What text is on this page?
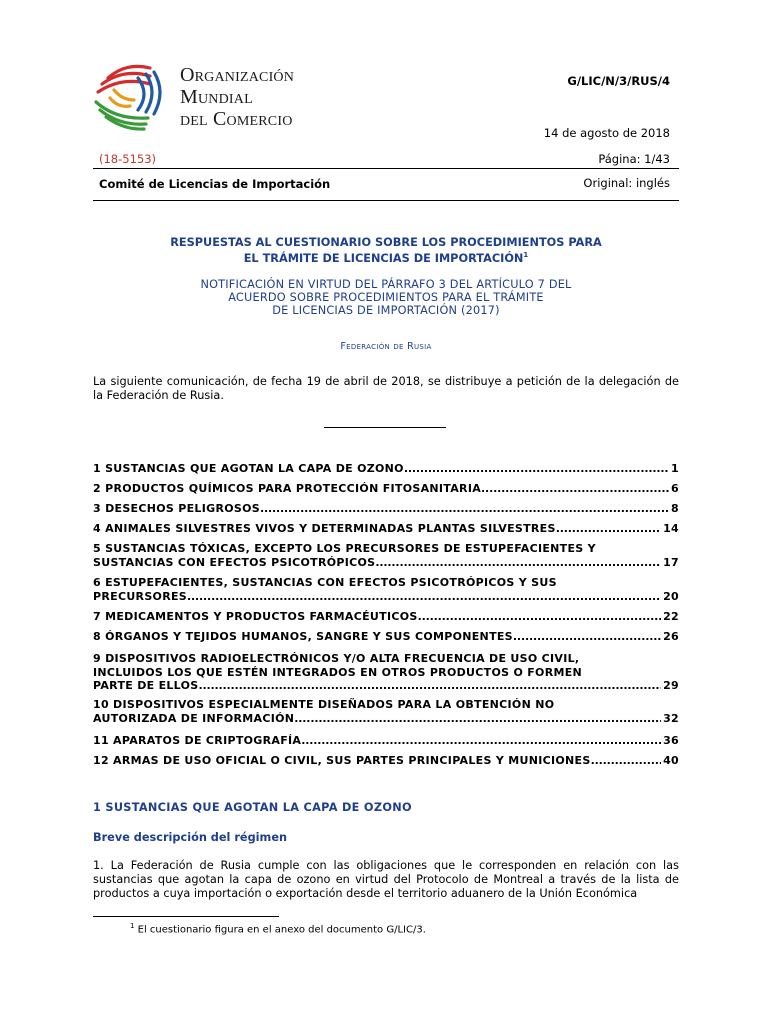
Organización
Mundial
del Comercio
G/LIC/N/3/RUS/4
14 de agosto de 2018
(18-5153)	Página: 1/43
Comité de Licencias de Importación	Original: inglés
RESPUESTAS AL CUESTIONARIO SOBRE LOS PROCEDIMIENTOS PARA
EL TRÁMITE DE LICENCIAS DE IMPORTACIÓN$^1$
NOTIFICACIÓN EN VIRTUD DEL PÁRRAFO 3 DEL ARTÍCULO 7 DEL
ACUERDO SOBRE PROCEDIMIENTOS PARA EL TRÁMITE
DE LICENCIAS DE IMPORTACIÓN (2017)
Federación de Rusia
La siguiente comunicación, de fecha 19 de abril de 2018, se distribuye a petición de la delegación de la Federación de Rusia.
1 SUSTANCIAS QUE AGOTAN LA CAPA DE OZONO . . .	1
2 PRODUCTOS QUÍMICOS PARA PROTECCIÓN FITOSANITARIA . . .	6
3 DESECHOS PELIGROSOS . . .	8
4 ANIMALES SILVESTRES VIVOS Y DETERMINADAS PLANTAS SILVESTRES . . .	14
5 SUSTANCIAS TÓXICAS, EXCEPTO LOS PRECURSORES DE ESTUPEFACIENTES Y
SUSTANCIAS CON EFECTOS PSICOTRÓPICOS . . .	17
6 ESTUPEFACIENTES, SUSTANCIAS CON EFECTOS PSICOTRÓPICOS Y SUS
PRECURSORES . . .	20
7 MEDICAMENTOS Y PRODUCTOS FARMACÉUTICOS . . .	22
8 ÓRGANOS Y TEJIDOS HUMANOS, SANGRE Y SUS COMPONENTES . . .	26
9 DISPOSITIVOS RADIOELECTRÓNICOS Y/O ALTA FRECUENCIA DE USO CIVIL,
INCLUIDOS LOS QUE ESTÉN INTEGRADOS EN OTROS PRODUCTOS O FORMEN
PARTE DE ELLOS . . .	29
10 DISPOSITIVOS ESPECIALMENTE DISEÑADOS PARA LA OBTENCIÓN NO
AUTORIZADA DE INFORMACIÓN . . .	32
11 APARATOS DE CRIPTOGRAFÍA . . .	36
12 ARMAS DE USO OFICIAL O CIVIL, SUS PARTES PRINCIPALES Y MUNICIONES . . .	40
1 SUSTANCIAS QUE AGOTAN LA CAPA DE OZONO
Breve descripción del régimen
1. La Federación de Rusia cumple con las obligaciones que le corresponden en relación con las sustancias que agotan la capa de ozono en virtud del Protocolo de Montreal a través de la lista de productos a cuya importación o exportación desde el territorio aduanero de la Unión Económica
$^1$ El cuestionario figura en el anexo del documento G/LIC/3.
